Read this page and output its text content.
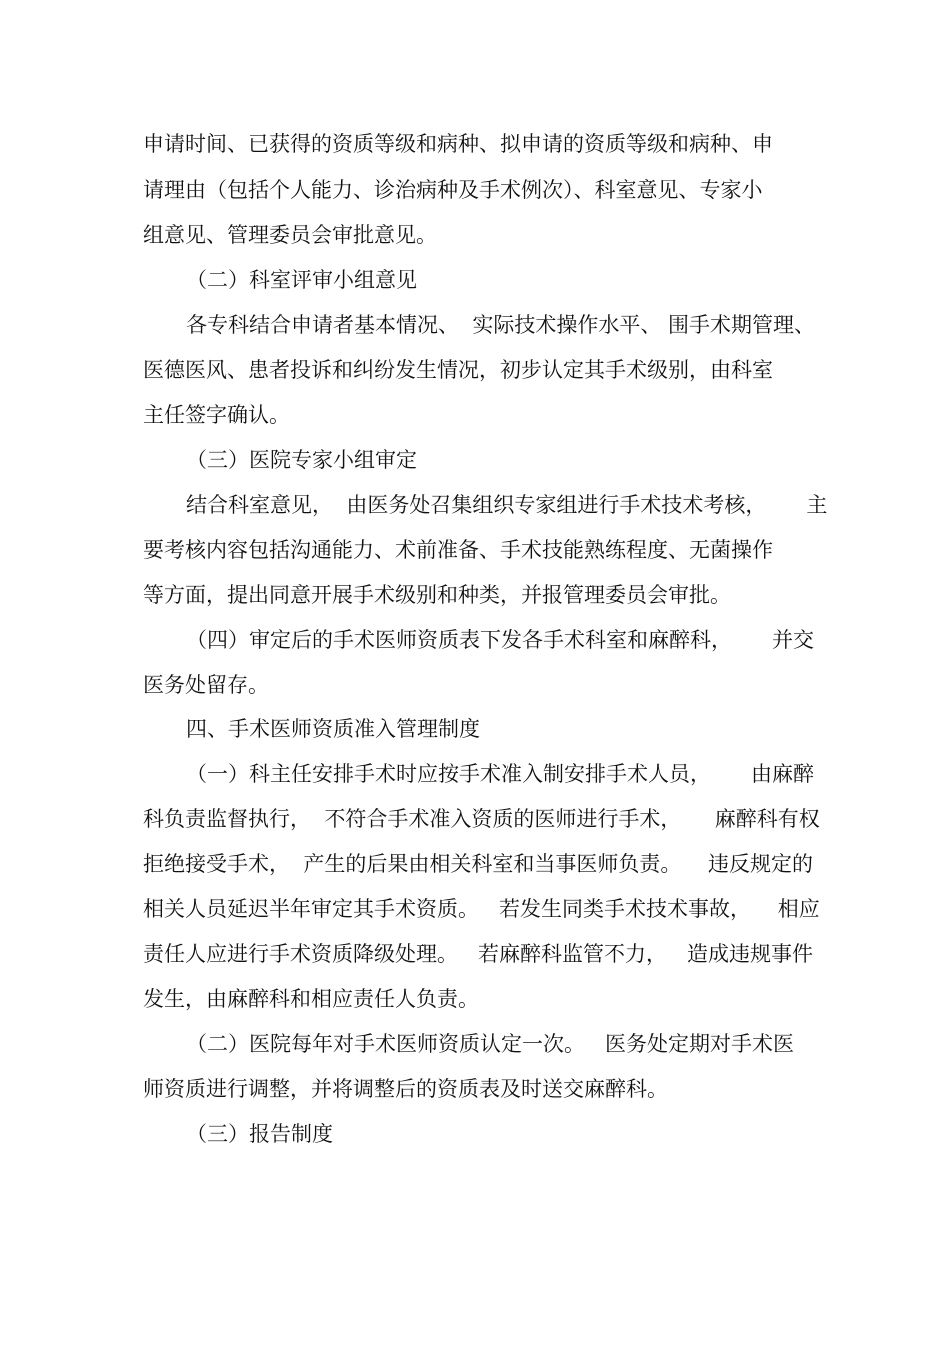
申请时间、已获得的资质等级和病种、拟申请的资质等级和病种、申
请理由（包括个人能力、诊治病种及手术例次）、科室意见、专家小
组意见、管理委员会审批意见。
（二）科室评审小组意见
各专科结合申请者基本情况、  实际技术操作水平、 围手术期管理、
医德医风、患者投诉和纠纷发生情况，初步认定其手术级别，由科室
主任签字确认。
（三）医院专家小组审定
结合科室意见，  由医务处召集组织专家组进行手术技术考核，      主
要考核内容包括沟通能力、术前准备、手术技能熟练程度、无菌操作
等方面，提出同意开展手术级别和种类，并报管理委员会审批。
（四）审定后的手术医师资质表下发各手术科室和麻醉科，      并交
医务处留存。
四、手术医师资质准入管理制度
（一）科主任安排手术时应按手术准入制安排手术人员，      由麻醉
科负责监督执行，  不符合手术准入资质的医师进行手术，     麻醉科有权
拒绝接受手术，  产生的后果由相关科室和当事医师负责。    违反规定的
相关人员延迟半年审定其手术资质。   若发生同类手术技术事故，    相应
责任人应进行手术资质降级处理。   若麻醉科监管不力，   造成违规事件
发生，由麻醉科和相应责任人负责。
（二）医院每年对手术医师资质认定一次。   医务处定期对手术医
师资质进行调整，并将调整后的资质表及时送交麻醉科。
（三）报告制度
